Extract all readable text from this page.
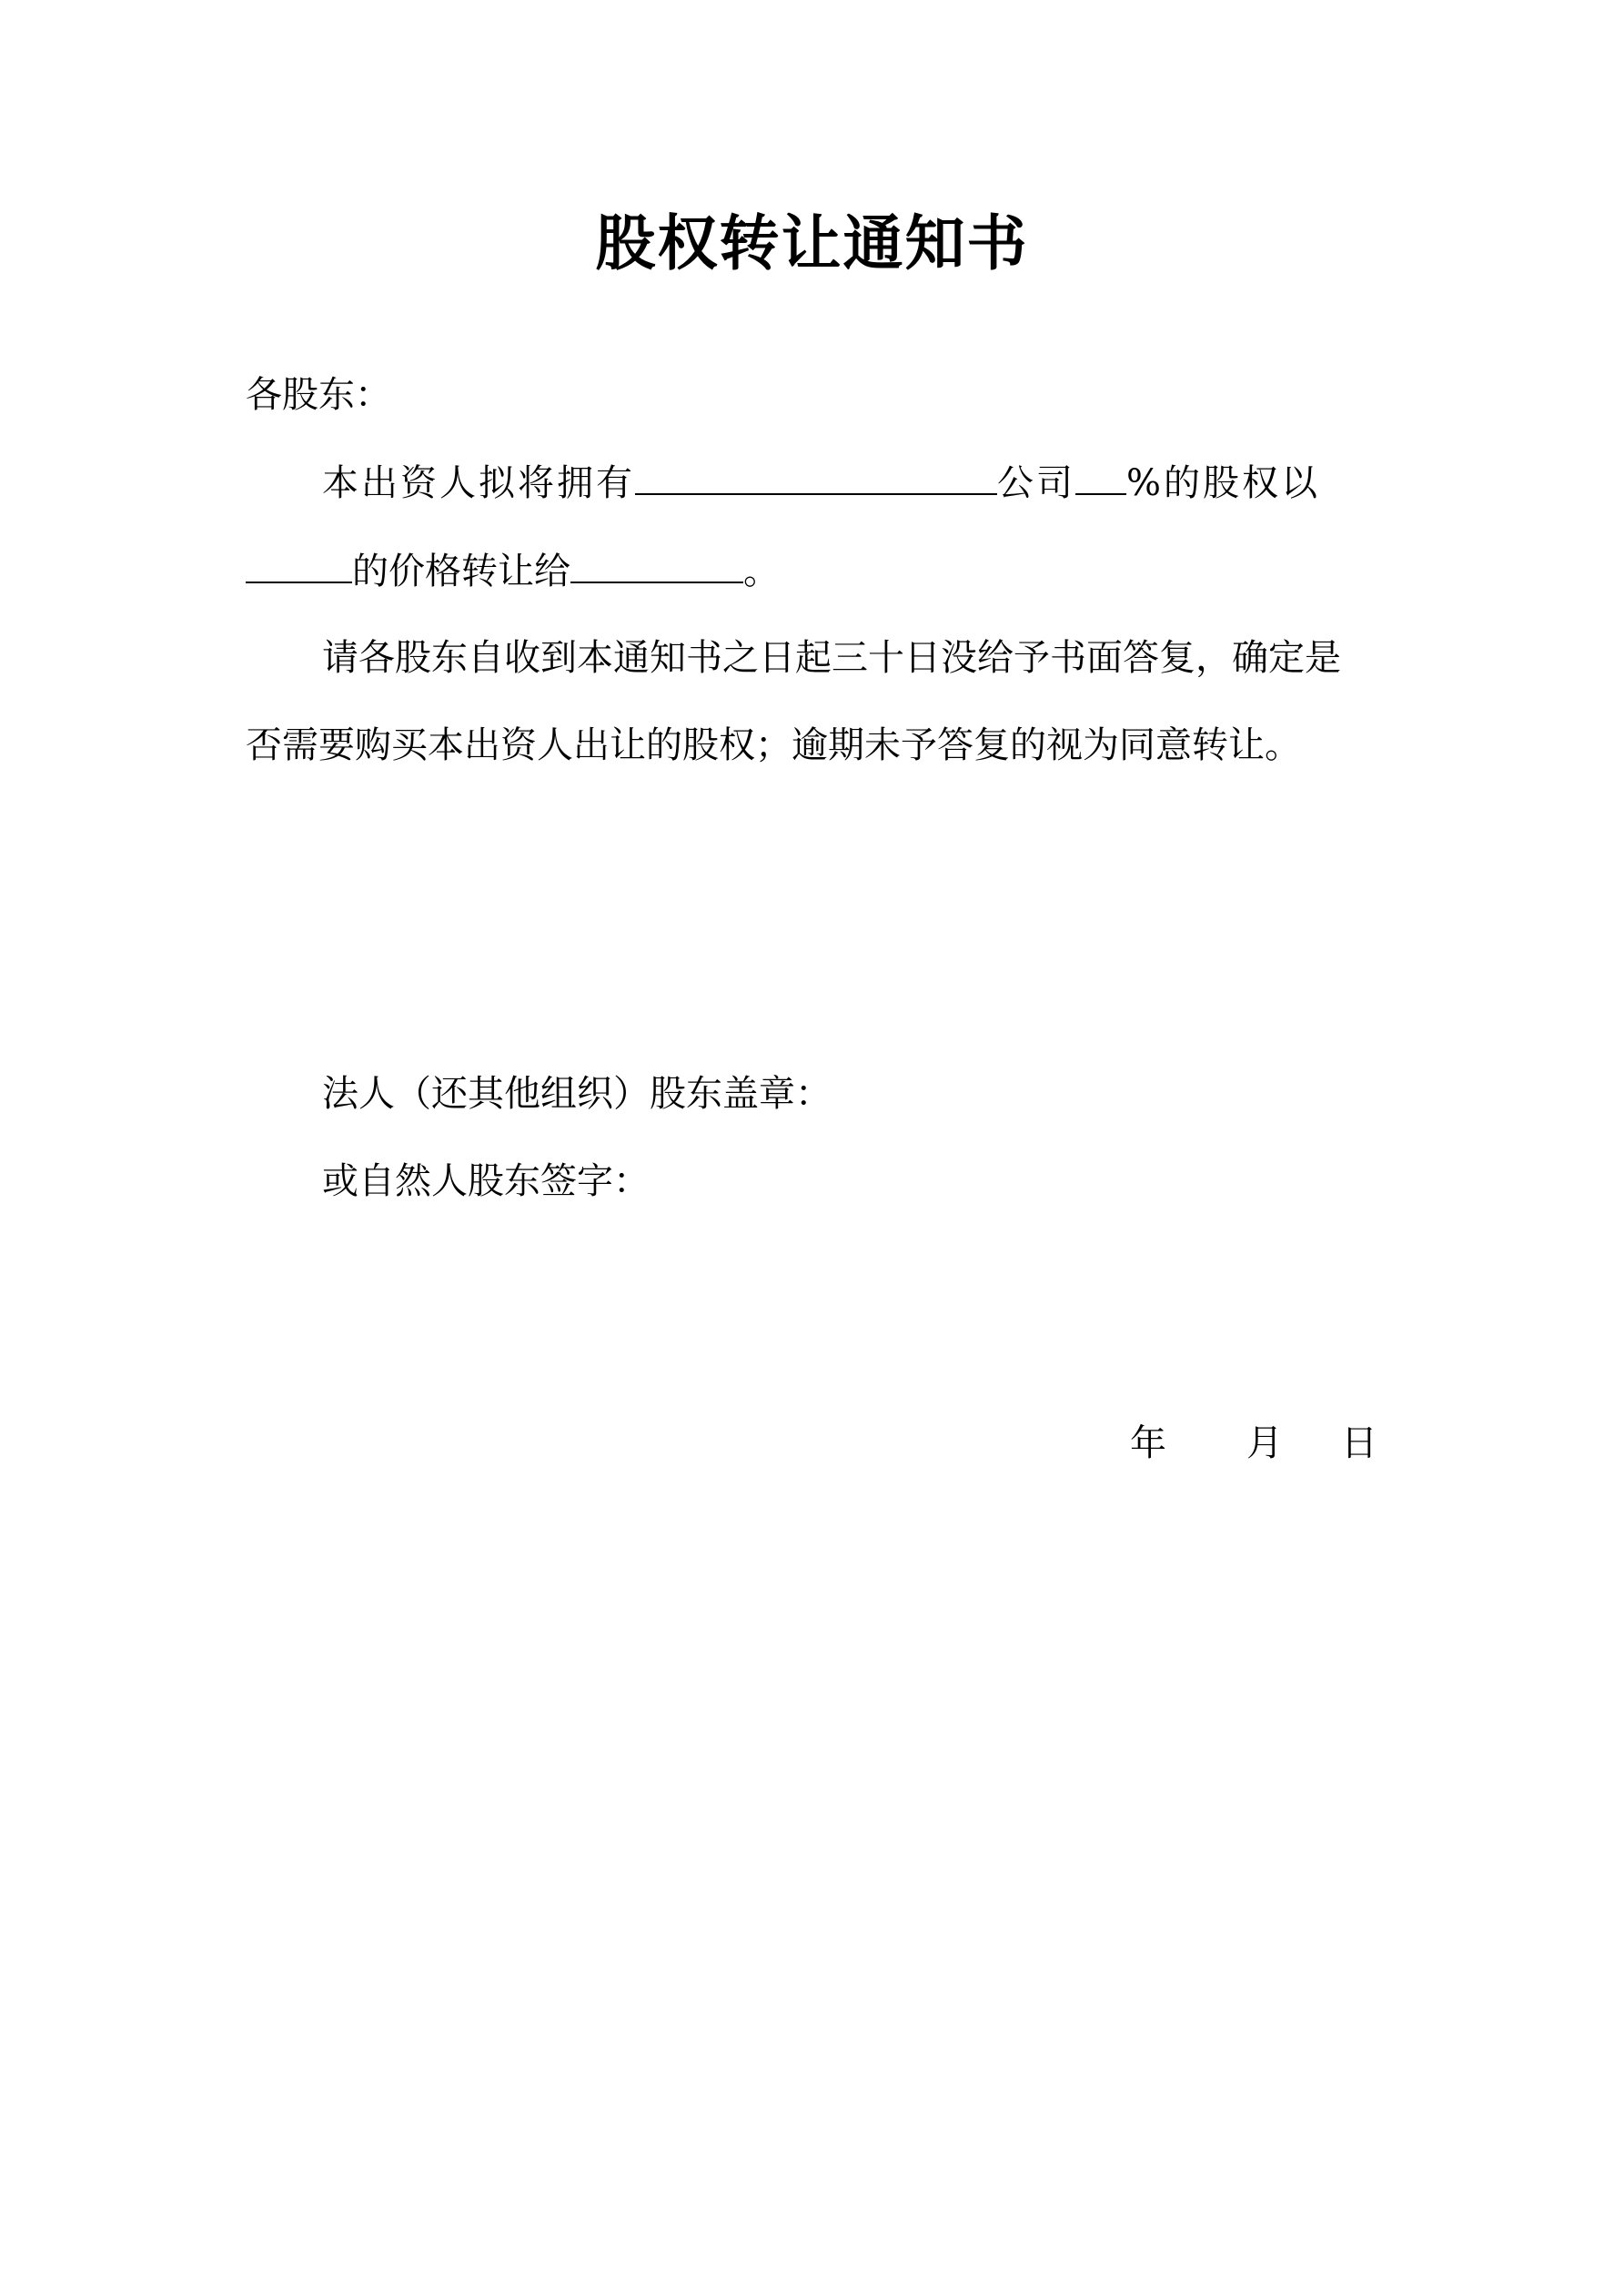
股权转让通知书
各股东：
本出资人拟将拥有	公司 %的股权以
的价格转让给	。
请各股东自收到本通知书之日起三十日没给予书面答复，确定是
否需要购买本出资人出让的股权；逾期未予答复的视为同意转让。
法人（还其他组织）股东盖章：
或自然人股东签字：
年 月 日
